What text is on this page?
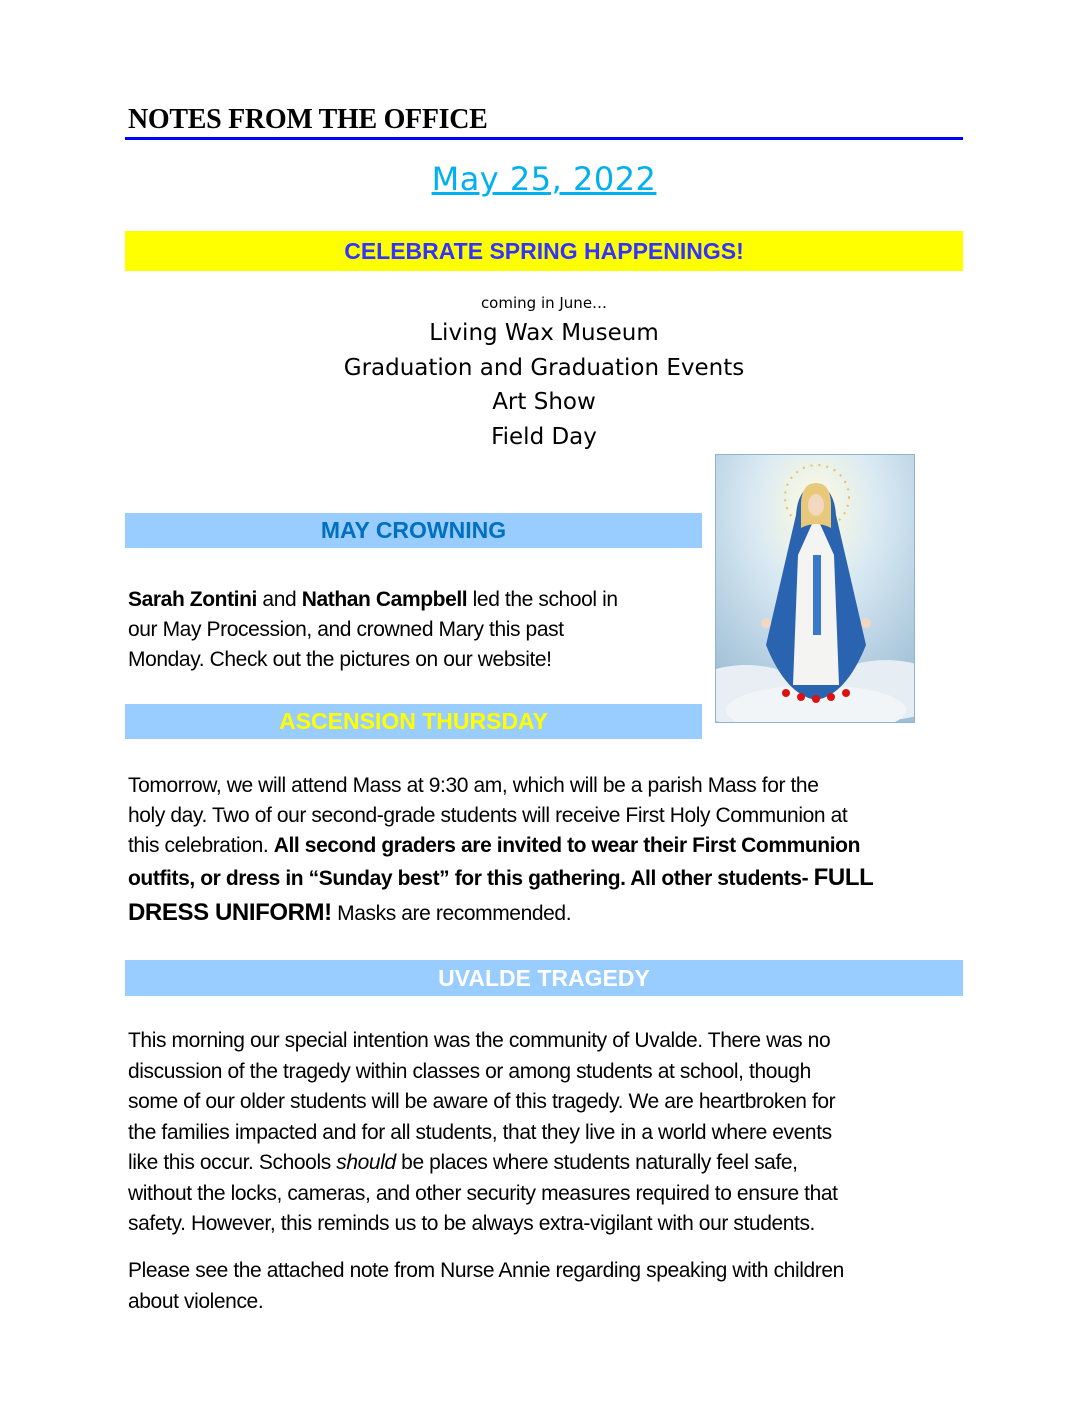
NOTES FROM THE OFFICE
May 25, 2022
CELEBRATE SPRING HAPPENINGS!
coming in June…
Living Wax Museum
Graduation and Graduation Events
Art Show
Field Day
MAY CROWNING
Sarah Zontini and Nathan Campbell led the school in
our May Procession, and crowned Mary this past
Monday. Check out the pictures on our website!
ASCENSION THURSDAY
Tomorrow, we will attend Mass at 9:30 am, which will be a parish Mass for the
holy day. Two of our second-grade students will receive First Holy Communion at
this celebration. All second graders are invited to wear their First Communion
outfits, or dress in “Sunday best” for this gathering. All other students- FULL
DRESS UNIFORM! Masks are recommended.
UVALDE TRAGEDY
This morning our special intention was the community of Uvalde. There was no
discussion of the tragedy within classes or among students at school, though
some of our older students will be aware of this tragedy. We are heartbroken for
the families impacted and for all students, that they live in a world where events
like this occur. Schools should be places where students naturally feel safe,
without the locks, cameras, and other security measures required to ensure that
safety. However, this reminds us to be always extra-vigilant with our students.
Please see the attached note from Nurse Annie regarding speaking with children
about violence.
